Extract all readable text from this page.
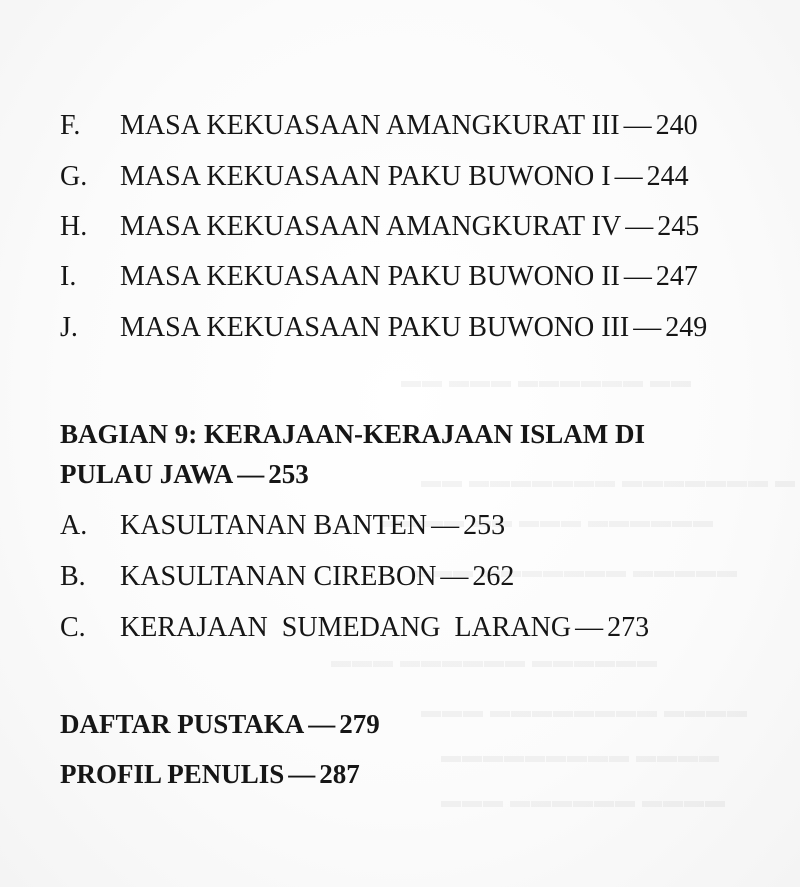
F. MASA KEKUASAAN AMANGKURAT III — 240
G. MASA KEKUASAAN PAKU BUWONO I — 244
H. MASA KEKUASAAN AMANGKURAT IV — 245
I. MASA KEKUASAAN PAKU BUWONO II — 247
J. MASA KEKUASAAN PAKU BUWONO III — 249
BAGIAN 9: KERAJAAN-KERAJAAN ISLAM DI
PULAU JAWA — 253
A. KASULTANAN BANTEN — 253
B. KASULTANAN CIREBON — 262
C. KERAJAAN  SUMEDANG  LARANG — 273
DAFTAR PUSTAKA — 279
PROFIL PENULIS — 287
